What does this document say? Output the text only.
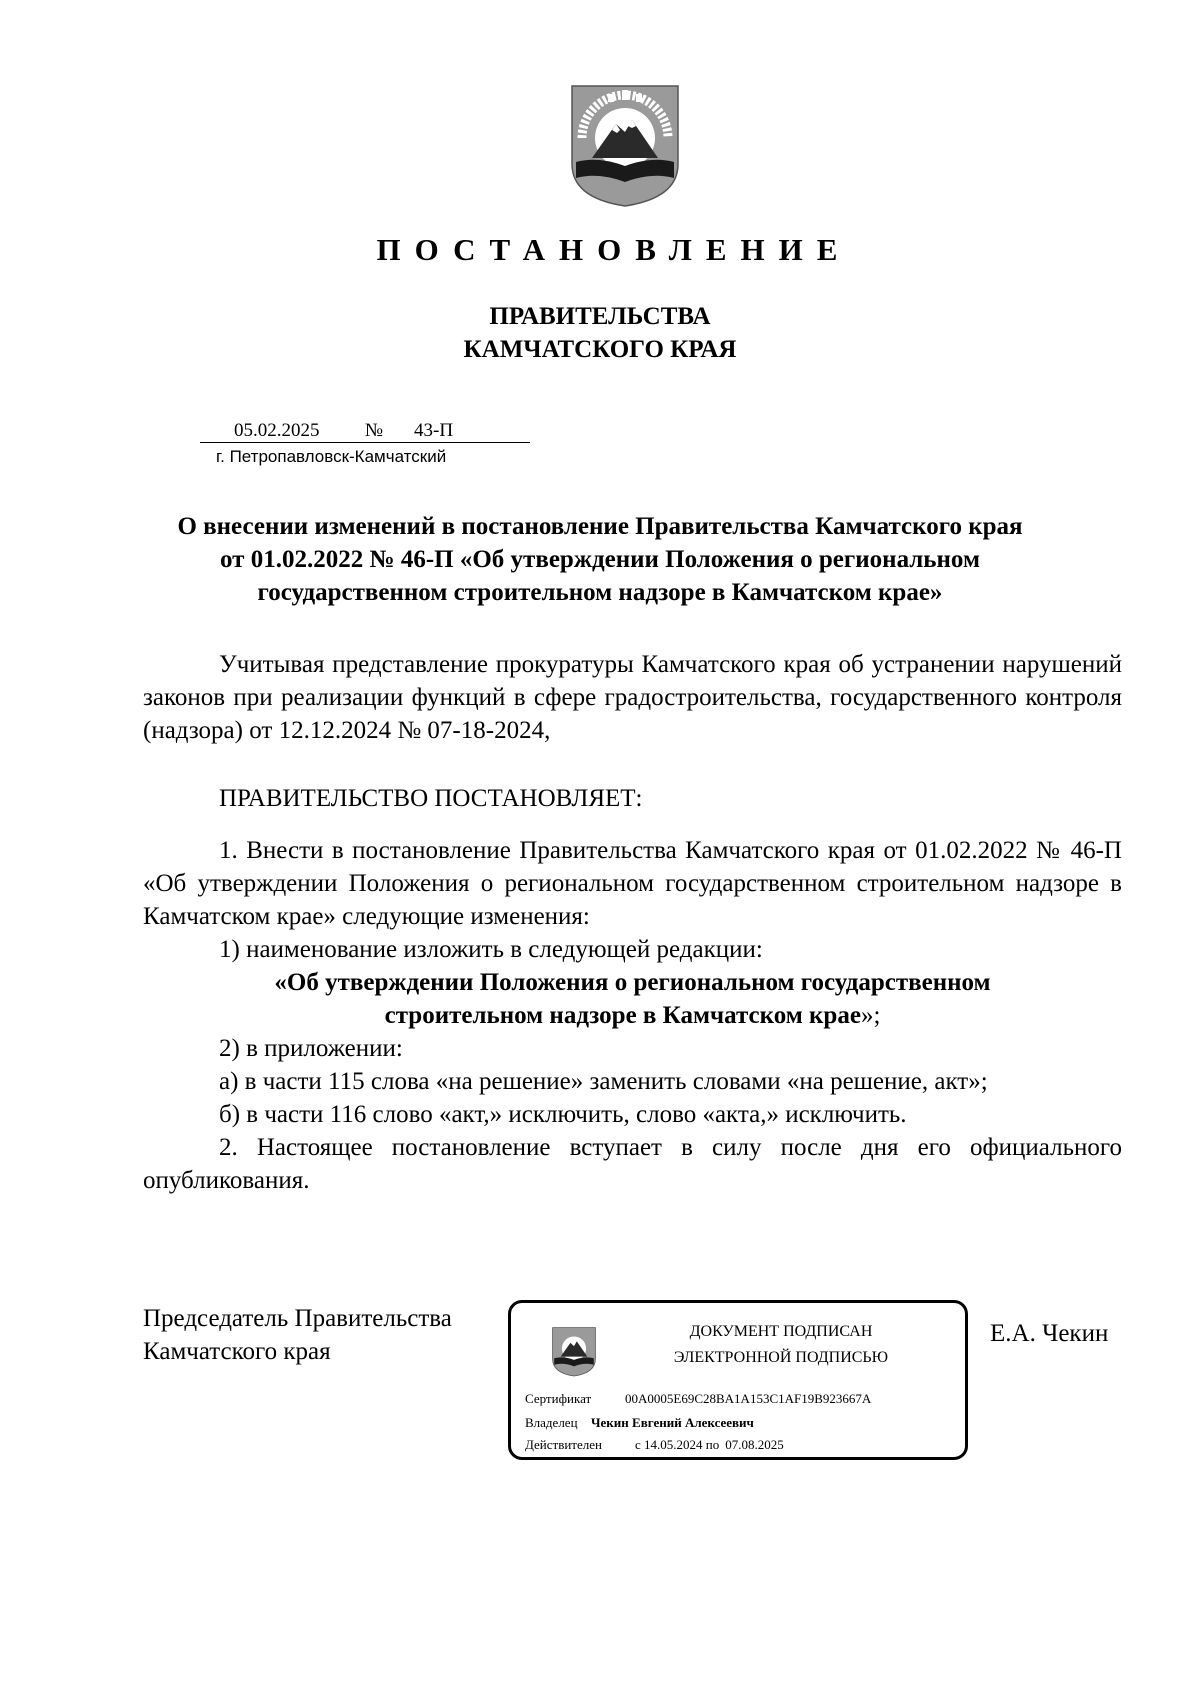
ПОСТАНОВЛЕНИЕ
ПРАВИТЕЛЬСТВА
КАМЧАТСКОГО КРАЯ
05.02.2025	№	43-П
г. Петропавловск-Камчатский
О внесении изменений в постановление Правительства Камчатского края
от 01.02.2022 № 46-П «Об утверждении Положения о региональном
государственном строительном надзоре в Камчатском крае»
Учитывая представление прокуратуры Камчатского края об устранении нарушений законов при реализации функций в сфере градостроительства, государственного контроля (надзора) от 12.12.2024 № 07-18-2024,
ПРАВИТЕЛЬСТВО ПОСТАНОВЛЯЕТ:

1. Внести в постановление Правительства Камчатского края от 01.02.2022 № 46-П «Об утверждении Положения о региональном государственном строительном надзоре в Камчатском крае» следующие изменения:

1) наименование изложить в следующей редакции:

«Об утверждении Положения о региональном государственном
строительном надзоре в Камчатском крае»;

2) в приложении:

а) в части 115 слова «на решение» заменить словами «на решение, акт»;

б) в части 116 слово «акт,» исключить, слово «акта,» исключить.

2. Настоящее постановление вступает в силу после дня его официального опубликования.

Председатель Правительства
Камчатского края
ДОКУМЕНТ ПОДПИСАН
ЭЛЕКТРОННОЙ ПОДПИСЬЮ
Сертификат	00A0005E69C28BA1A153C1AF19B923667A
Владелец Чекин Евгений Алексеевич
Действителен	с 14.05.2024 по 07.08.2025
Е.А. Чекин
